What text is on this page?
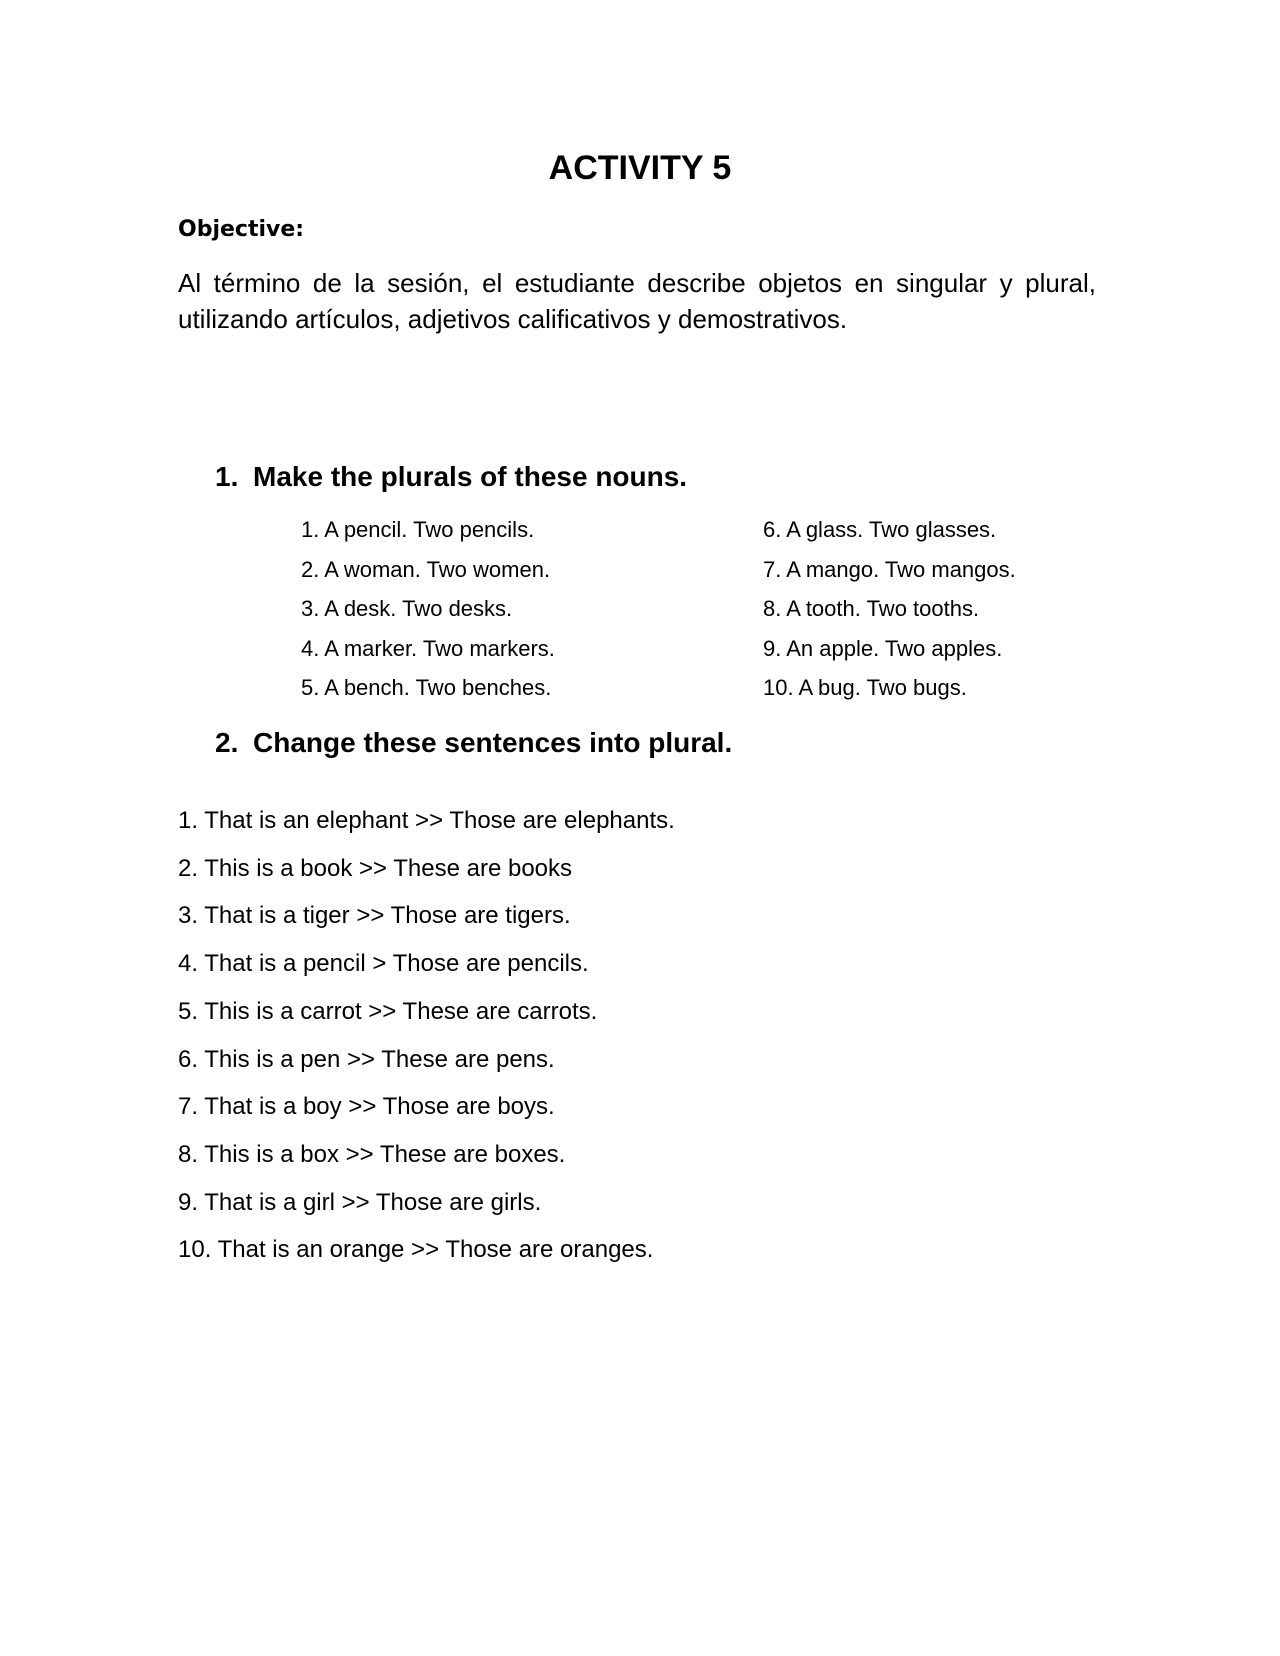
ACTIVITY 5
Objective:
Al término de la sesión, el estudiante describe objetos en singular y plural, utilizando artículos, adjetivos calificativos y demostrativos.
1. Make the plurals of these nouns.
1. A pencil. Two pencils.
2. A woman. Two women.
3. A desk. Two desks.
4. A marker. Two markers.
5. A bench. Two benches.
6. A glass. Two glasses.
7. A mango. Two mangos.
8. A tooth. Two tooths.
9. An apple. Two apples.
10. A bug. Two bugs.
2. Change these sentences into plural.
1. That is an elephant >> Those are elephants.
2. This is a book >> These are books
3. That is a tiger >> Those are tigers.
4. That is a pencil > Those are pencils.
5. This is a carrot >> These are carrots.
6. This is a pen >> These are pens.
7. That is a boy >> Those are boys.
8. This is a box >> These are boxes.
9. That is a girl >> Those are girls.
10. That is an orange >> Those are oranges.
